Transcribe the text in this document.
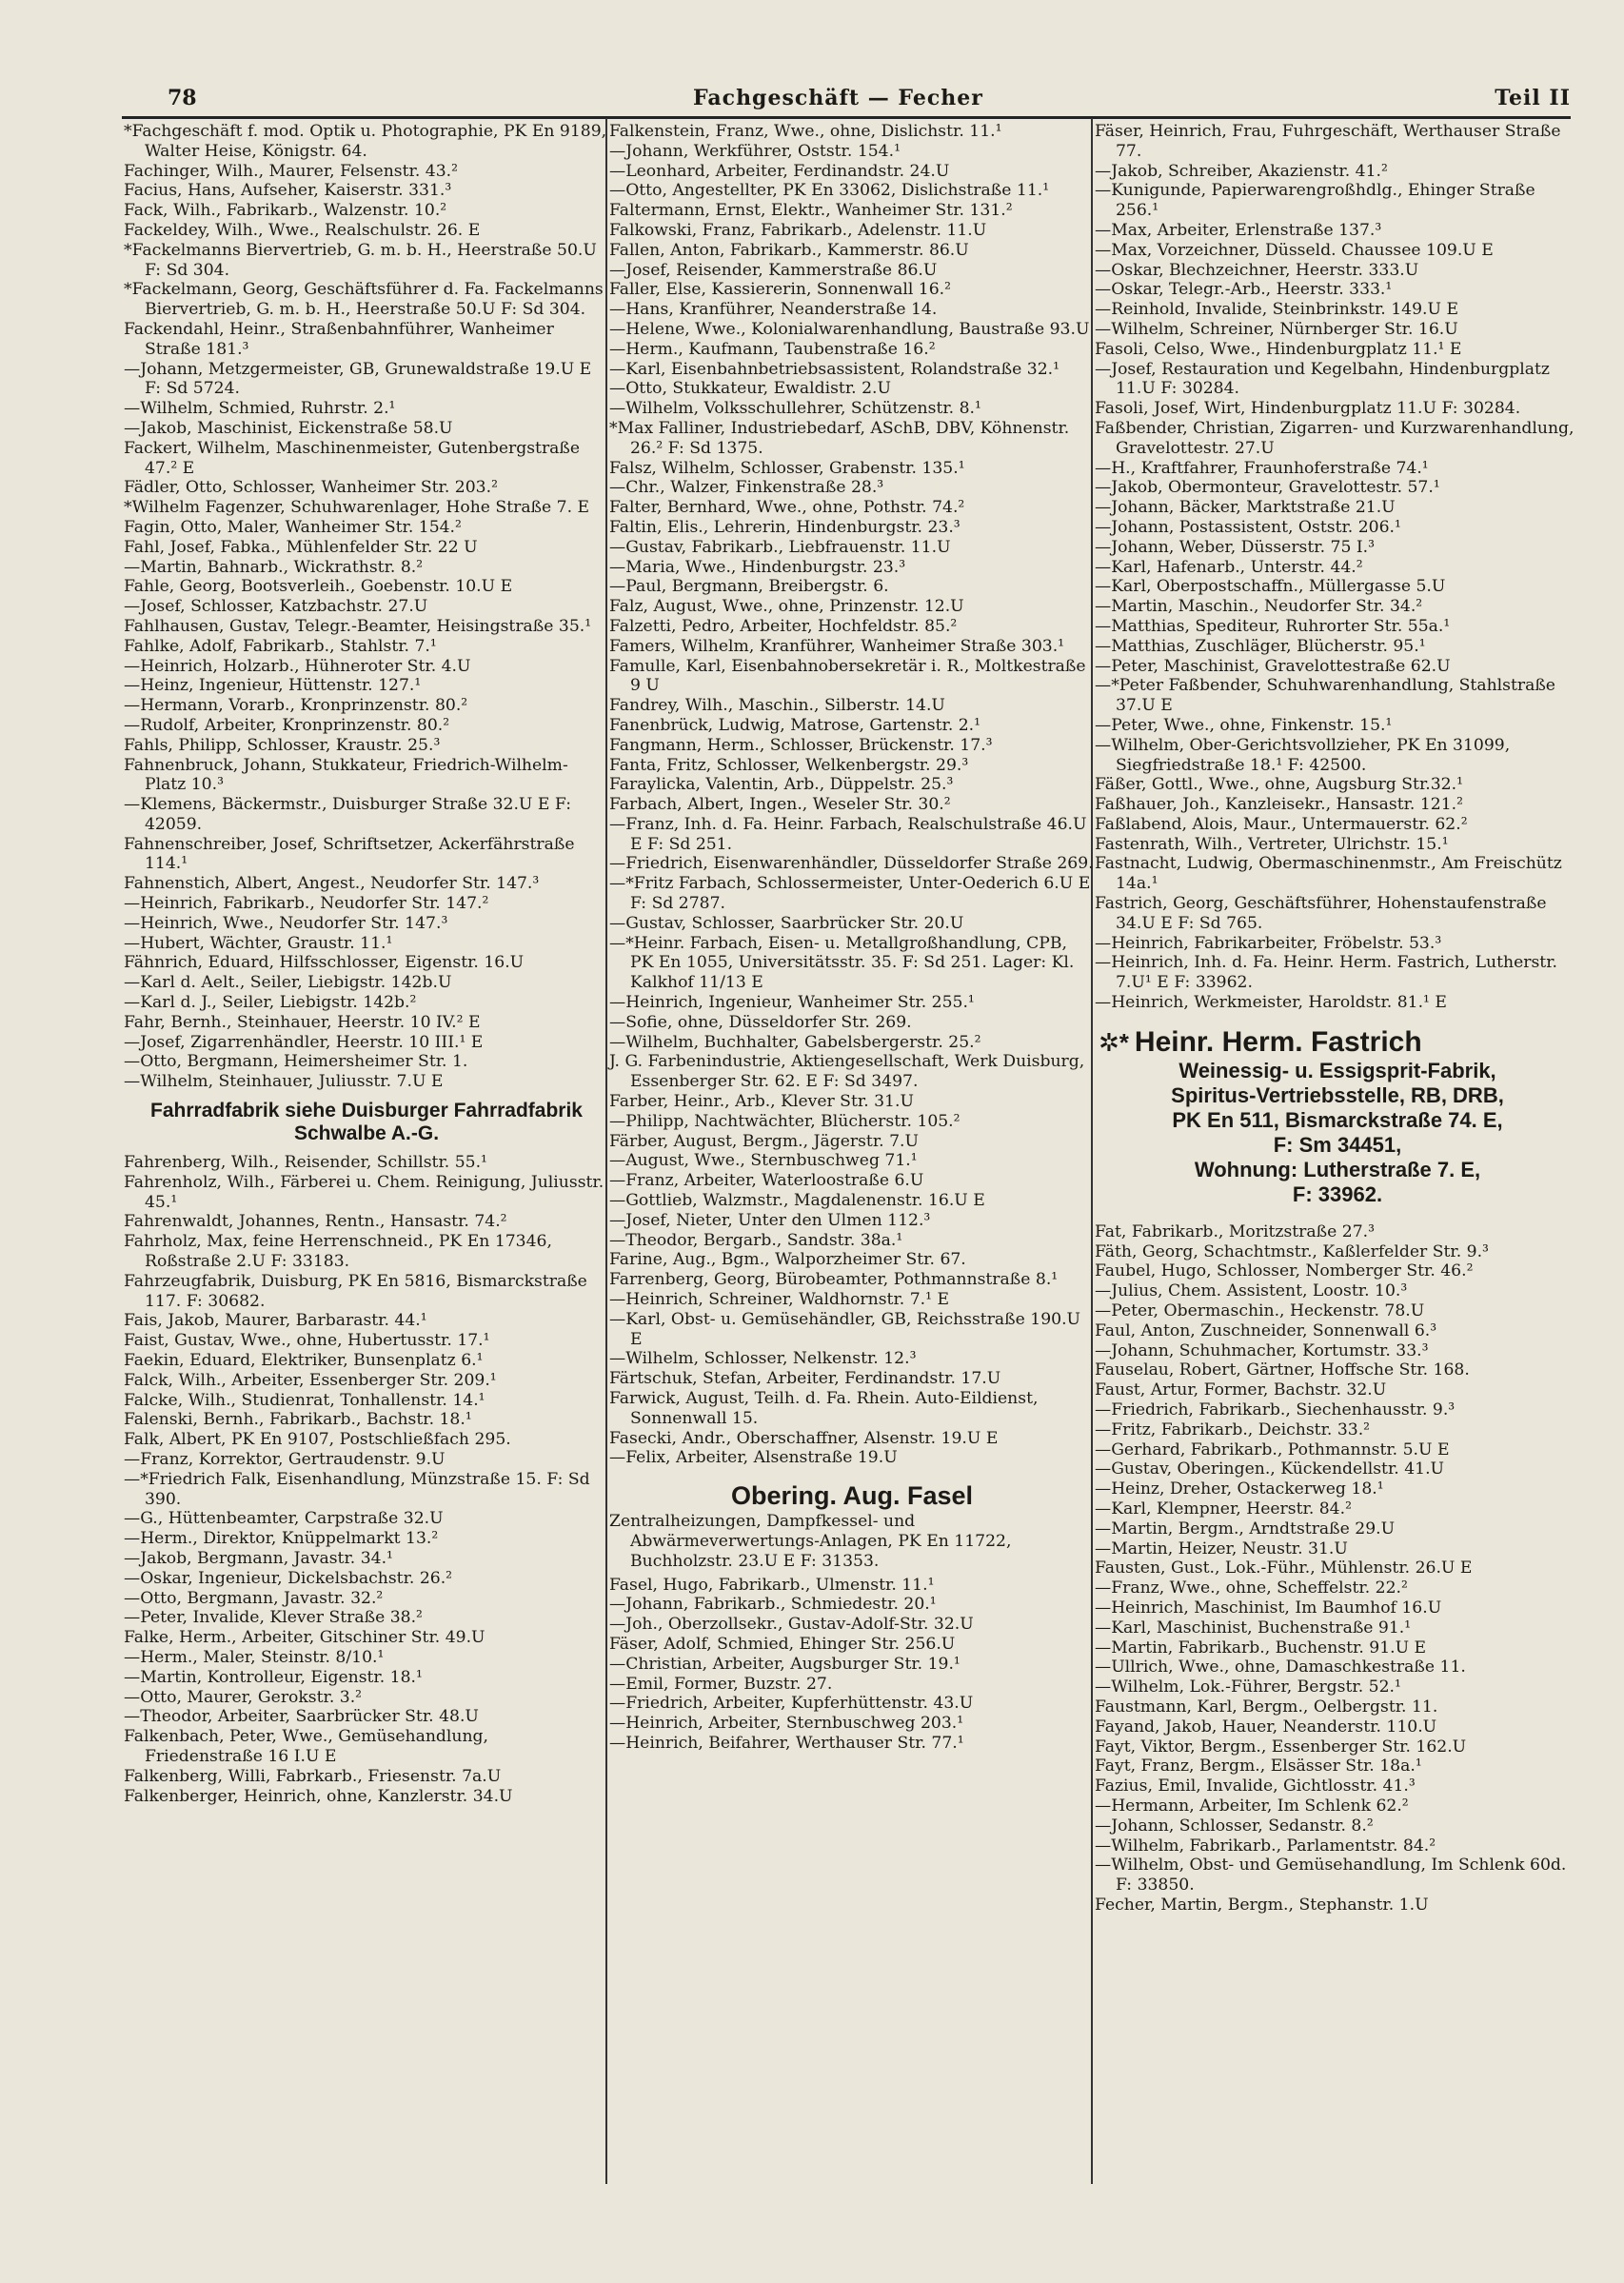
78	Fachgeschäft — Fecher	Teil II

*Fachgeschäft f. mod. Optik u. Photographie, PK En 9189, Walter Heise, Königstr. 64.

Fachinger, Wilh., Maurer, Felsenstr. 43.²

Facius, Hans, Aufseher, Kaiserstr. 331.³

Fack, Wilh., Fabrikarb., Walzenstr. 10.²

Fackeldey, Wilh., Wwe., Realschulstr. 26. E

*Fackelmanns Biervertrieb, G. m. b. H., Heerstraße 50.U F: Sd 304.

*Fackelmann, Georg, Geschäftsführer d. Fa. Fackelmanns Biervertrieb, G. m. b. H., Heerstraße 50.U F: Sd 304.

Fackendahl, Heinr., Straßenbahnführer, Wanheimer Straße 181.³

—Johann, Metzgermeister, GB, Grunewaldstraße 19.U E F: Sd 5724.

—Wilhelm, Schmied, Ruhrstr. 2.¹

—Jakob, Maschinist, Eickenstraße 58.U

Fackert, Wilhelm, Maschinenmeister, Gutenbergstraße 47.² E

Fädler, Otto, Schlosser, Wanheimer Str. 203.²

*Wilhelm Fagenzer, Schuhwarenlager, Hohe Straße 7. E

Fagin, Otto, Maler, Wanheimer Str. 154.²

Fahl, Josef, Fabka., Mühlenfelder Str. 22 U

—Martin, Bahnarb., Wickrathstr. 8.²

Fahle, Georg, Bootsverleih., Goebenstr. 10.U E

—Josef, Schlosser, Katzbachstr. 27.U

Fahlhausen, Gustav, Telegr.-Beamter, Heisingstraße 35.¹

Fahlke, Adolf, Fabrikarb., Stahlstr. 7.¹

—Heinrich, Holzarb., Hühneroter Str. 4.U

—Heinz, Ingenieur, Hüttenstr. 127.¹

—Hermann, Vorarb., Kronprinzenstr. 80.²

—Rudolf, Arbeiter, Kronprinzenstr. 80.²

Fahls, Philipp, Schlosser, Kraustr. 25.³

Fahnenbruck, Johann, Stukkateur, Friedrich-Wilhelm-Platz 10.³

—Klemens, Bäckermstr., Duisburger Straße 32.U E F: 42059.

Fahnenschreiber, Josef, Schriftsetzer, Ackerfährstraße 114.¹

Fahnenstich, Albert, Angest., Neudorfer Str. 147.³

—Heinrich, Fabrikarb., Neudorfer Str. 147.²

—Heinrich, Wwe., Neudorfer Str. 147.³

—Hubert, Wächter, Graustr. 11.¹

Fähnrich, Eduard, Hilfsschlosser, Eigenstr. 16.U

—Karl d. Aelt., Seiler, Liebigstr. 142b.U

—Karl d. J., Seiler, Liebigstr. 142b.²

Fahr, Bernh., Steinhauer, Heerstr. 10 IV.² E

—Josef, Zigarrenhändler, Heerstr. 10 III.¹ E

—Otto, Bergmann, Heimersheimer Str. 1.

—Wilhelm, Steinhauer, Juliusstr. 7.U E

Fahrradfabrik siehe Duisburger Fahrradfabrik Schwalbe A.-G.

Fahrenberg, Wilh., Reisender, Schillstr. 55.¹

Fahrenholz, Wilh., Färberei u. Chem. Reinigung, Juliusstr. 45.¹

Fahrenwaldt, Johannes, Rentn., Hansastr. 74.²

Fahrholz, Max, feine Herrenschneid., PK En 17346, Roßstraße 2.U F: 33183.

Fahrzeugfabrik, Duisburg, PK En 5816, Bismarckstraße 117. F: 30682.

Fais, Jakob, Maurer, Barbarastr. 44.¹

Faist, Gustav, Wwe., ohne, Hubertusstr. 17.¹

Faekin, Eduard, Elektriker, Bunsenplatz 6.¹

Falck, Wilh., Arbeiter, Essenberger Str. 209.¹

Falcke, Wilh., Studienrat, Tonhallenstr. 14.¹

Falenski, Bernh., Fabrikarb., Bachstr. 18.¹

Falk, Albert, PK En 9107, Postschließfach 295.

—Franz, Korrektor, Gertraudenstr. 9.U

—*Friedrich Falk, Eisenhandlung, Münzstraße 15. F: Sd 390.

—G., Hüttenbeamter, Carpstraße 32.U

—Herm., Direktor, Knüppelmarkt 13.²

—Jakob, Bergmann, Javastr. 34.¹

—Oskar, Ingenieur, Dickelsbachstr. 26.²

—Otto, Bergmann, Javastr. 32.²

—Peter, Invalide, Klever Straße 38.²

Falke, Herm., Arbeiter, Gitschiner Str. 49.U

—Herm., Maler, Steinstr. 8/10.¹

—Martin, Kontrolleur, Eigenstr. 18.¹

—Otto, Maurer, Gerokstr. 3.²

—Theodor, Arbeiter, Saarbrücker Str. 48.U

Falkenbach, Peter, Wwe., Gemüsehandlung, Friedenstraße 16 I.U E

Falkenberg, Willi, Fabrkarb., Friesenstr. 7a.U

Falkenberger, Heinrich, ohne, Kanzlerstr. 34.U

Falkenstein, Franz, Wwe., ohne, Dislichstr. 11.¹

—Johann, Werkführer, Oststr. 154.¹

—Leonhard, Arbeiter, Ferdinandstr. 24.U

—Otto, Angestellter, PK En 33062, Dislichstraße 11.¹

Faltermann, Ernst, Elektr., Wanheimer Str. 131.²

Falkowski, Franz, Fabrikarb., Adelenstr. 11.U

Fallen, Anton, Fabrikarb., Kammerstr. 86.U

—Josef, Reisender, Kammerstraße 86.U

Faller, Else, Kassiererin, Sonnenwall 16.²

—Hans, Kranführer, Neanderstraße 14.

—Helene, Wwe., Kolonialwarenhandlung, Baustraße 93.U

—Herm., Kaufmann, Taubenstraße 16.²

—Karl, Eisenbahnbetriebsassistent, Rolandstraße 32.¹

—Otto, Stukkateur, Ewaldistr. 2.U

—Wilhelm, Volksschullehrer, Schützenstr. 8.¹

*Max Falliner, Industriebedarf, ASchB, DBV, Köhnenstr. 26.² F: Sd 1375.

Falsz, Wilhelm, Schlosser, Grabenstr. 135.¹

—Chr., Walzer, Finkenstraße 28.³

Falter, Bernhard, Wwe., ohne, Pothstr. 74.²

Faltin, Elis., Lehrerin, Hindenburgstr. 23.³

—Gustav, Fabrikarb., Liebfrauenstr. 11.U

—Maria, Wwe., Hindenburgstr. 23.³

—Paul, Bergmann, Breibergstr. 6.

Falz, August, Wwe., ohne, Prinzenstr. 12.U

Falzetti, Pedro, Arbeiter, Hochfeldstr. 85.²

Famers, Wilhelm, Kranführer, Wanheimer Straße 303.¹

Famulle, Karl, Eisenbahnobersekretär i. R., Moltkestraße 9 U

Fandrey, Wilh., Maschin., Silberstr. 14.U

Fanenbrück, Ludwig, Matrose, Gartenstr. 2.¹

Fangmann, Herm., Schlosser, Brückenstr. 17.³

Fanta, Fritz, Schlosser, Welkenbergstr. 29.³

Faraylicka, Valentin, Arb., Düppelstr. 25.³

Farbach, Albert, Ingen., Weseler Str. 30.²

—Franz, Inh. d. Fa. Heinr. Farbach, Realschulstraße 46.U E F: Sd 251.

—Friedrich, Eisenwarenhändler, Düsseldorfer Straße 269.

—*Fritz Farbach, Schlossermeister, Unter-Oederich 6.U E F: Sd 2787.

—Gustav, Schlosser, Saarbrücker Str. 20.U

—*Heinr. Farbach, Eisen- u. Metallgroßhandlung, CPB, PK En 1055, Universitätsstr. 35. F: Sd 251. Lager: Kl. Kalkhof 11/13 E

—Heinrich, Ingenieur, Wanheimer Str. 255.¹

—Sofie, ohne, Düsseldorfer Str. 269.

—Wilhelm, Buchhalter, Gabelsbergerstr. 25.²

J. G. Farbenindustrie, Aktiengesellschaft, Werk Duisburg, Essenberger Str. 62. E F: Sd 3497.

Farber, Heinr., Arb., Klever Str. 31.U

—Philipp, Nachtwächter, Blücherstr. 105.²

Färber, August, Bergm., Jägerstr. 7.U

—August, Wwe., Sternbuschweg 71.¹

—Franz, Arbeiter, Waterloostraße 6.U

—Gottlieb, Walzmstr., Magdalenenstr. 16.U E

—Josef, Nieter, Unter den Ulmen 112.³

—Theodor, Bergarb., Sandstr. 38a.¹

Farine, Aug., Bgm., Walporzheimer Str. 67.

Farrenberg, Georg, Bürobeamter, Pothmannstraße 8.¹

—Heinrich, Schreiner, Waldhornstr. 7.¹ E

—Karl, Obst- u. Gemüsehändler, GB, Reichsstraße 190.U E

—Wilhelm, Schlosser, Nelkenstr. 12.³

Färtschuk, Stefan, Arbeiter, Ferdinandstr. 17.U

Farwick, August, Teilh. d. Fa. Rhein. Auto-Eildienst, Sonnenwall 15.

Fasecki, Andr., Oberschaffner, Alsenstr. 19.U E

—Felix, Arbeiter, Alsenstraße 19.U

Obering. Aug. Fasel
Zentralheizungen, Dampfkessel- und Abwärmeverwertungs-Anlagen, PK En 11722, Buchholzstr. 23.U E F: 31353.

Fasel, Hugo, Fabrikarb., Ulmenstr. 11.¹

—Johann, Fabrikarb., Schmiedestr. 20.¹

—Joh., Oberzollsekr., Gustav-Adolf-Str. 32.U

Fäser, Adolf, Schmied, Ehinger Str. 256.U

—Christian, Arbeiter, Augsburger Str. 19.¹

—Emil, Former, Buzstr. 27.

—Friedrich, Arbeiter, Kupferhüttenstr. 43.U

—Heinrich, Arbeiter, Sternbuschweg 203.¹

—Heinrich, Beifahrer, Werthauser Str. 77.¹

Fäser, Heinrich, Frau, Fuhrgeschäft, Werthauser Straße 77.

—Jakob, Schreiber, Akazienstr. 41.²

—Kunigunde, Papierwarengroßhdlg., Ehinger Straße 256.¹

—Max, Arbeiter, Erlenstraße 137.³

—Max, Vorzeichner, Düsseld. Chaussee 109.U E

—Oskar, Blechzeichner, Heerstr. 333.U

—Oskar, Telegr.-Arb., Heerstr. 333.¹

—Reinhold, Invalide, Steinbrinkstr. 149.U E

—Wilhelm, Schreiner, Nürnberger Str. 16.U

Fasoli, Celso, Wwe., Hindenburgplatz 11.¹ E

—Josef, Restauration und Kegelbahn, Hindenburgplatz 11.U F: 30284.

Fasoli, Josef, Wirt, Hindenburgplatz 11.U F: 30284.

Faßbender, Christian, Zigarren- und Kurzwarenhandlung, Gravelottestr. 27.U

—H., Kraftfahrer, Fraunhoferstraße 74.¹

—Jakob, Obermonteur, Gravelottestr. 57.¹

—Johann, Bäcker, Marktstraße 21.U

—Johann, Postassistent, Oststr. 206.¹

—Johann, Weber, Düsserstr. 75 I.³

—Karl, Hafenarb., Unterstr. 44.²

—Karl, Oberpostschaffn., Müllergasse 5.U

—Martin, Maschin., Neudorfer Str. 34.²

—Matthias, Spediteur, Ruhrorter Str. 55a.¹

—Matthias, Zuschläger, Blücherstr. 95.¹

—Peter, Maschinist, Gravelottestraße 62.U

—*Peter Faßbender, Schuhwarenhandlung, Stahlstraße 37.U E

—Peter, Wwe., ohne, Finkenstr. 15.¹

—Wilhelm, Ober-Gerichtsvollzieher, PK En 31099, Siegfriedstraße 18.¹ F: 42500.

Fäßer, Gottl., Wwe., ohne, Augsburg Str.32.¹

Faßhauer, Joh., Kanzleisekr., Hansastr. 121.²

Faßlabend, Alois, Maur., Untermauerstr. 62.²

Fastenrath, Wilh., Vertreter, Ulrichstr. 15.¹

Fastnacht, Ludwig, Obermaschinenmstr., Am Freischütz 14a.¹

Fastrich, Georg, Geschäftsführer, Hohenstaufenstraße 34.U E F: Sd 765.

—Heinrich, Fabrikarbeiter, Fröbelstr. 53.³

—Heinrich, Inh. d. Fa. Heinr. Herm. Fastrich, Lutherstr. 7.U¹ E F: 33962.

—Heinrich, Werkmeister, Haroldstr. 81.¹ E

✲* Heinr. Herm. Fastrich
Weinessig- u. Essigsprit-Fabrik,
Spiritus-Vertriebsstelle, RB, DRB,
PK En 511, Bismarckstraße 74. E,
F: Sm 34451,
Wohnung: Lutherstraße 7. E,
F: 33962.

Fat, Fabrikarb., Moritzstraße 27.³

Fäth, Georg, Schachtmstr., Kaßlerfelder Str. 9.³

Faubel, Hugo, Schlosser, Nomberger Str. 46.²

—Julius, Chem. Assistent, Loostr. 10.³

—Peter, Obermaschin., Heckenstr. 78.U

Faul, Anton, Zuschneider, Sonnenwall 6.³

—Johann, Schuhmacher, Kortumstr. 33.³

Fauselau, Robert, Gärtner, Hoffsche Str. 168.

Faust, Artur, Former, Bachstr. 32.U

—Friedrich, Fabrikarb., Siechenhausstr. 9.³

—Fritz, Fabrikarb., Deichstr. 33.²

—Gerhard, Fabrikarb., Pothmannstr. 5.U E

—Gustav, Oberingen., Kückendellstr. 41.U

—Heinz, Dreher, Ostackerweg 18.¹

—Karl, Klempner, Heerstr. 84.²

—Martin, Bergm., Arndtstraße 29.U

—Martin, Heizer, Neustr. 31.U

Fausten, Gust., Lok.-Führ., Mühlenstr. 26.U E

—Franz, Wwe., ohne, Scheffelstr. 22.²

—Heinrich, Maschinist, Im Baumhof 16.U

—Karl, Maschinist, Buchenstraße 91.¹

—Martin, Fabrikarb., Buchenstr. 91.U E

—Ullrich, Wwe., ohne, Damaschkestraße 11.

—Wilhelm, Lok.-Führer, Bergstr. 52.¹

Faustmann, Karl, Bergm., Oelbergstr. 11.

Fayand, Jakob, Hauer, Neanderstr. 110.U

Fayt, Viktor, Bergm., Essenberger Str. 162.U

Fayt, Franz, Bergm., Elsässer Str. 18a.¹

Fazius, Emil, Invalide, Gichtlosstr. 41.³

—Hermann, Arbeiter, Im Schlenk 62.²

—Johann, Schlosser, Sedanstr. 8.²

—Wilhelm, Fabrikarb., Parlamentstr. 84.²

—Wilhelm, Obst- und Gemüsehandlung, Im Schlenk 60d. F: 33850.

Fecher, Martin, Bergm., Stephanstr. 1.U
